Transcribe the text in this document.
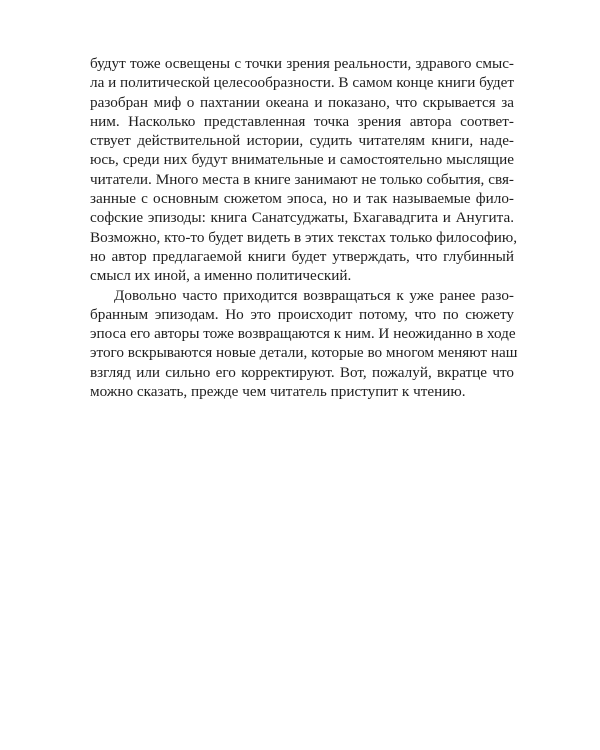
будут тоже освещены с точки зрения реальности, здравого смыс-
ла и политической целесообразности. В самом конце книги будет
разобран миф о пахтании океана и показано, что скрывается за
ним. Насколько представленная точка зрения автора соответ-
ствует действительной истории, судить читателям книги, наде-
юсь, среди них будут внимательные и самостоятельно мыслящие
читатели. Много места в книге занимают не только события, свя-
занные с основным сюжетом эпоса, но и так называемые фило-
софские эпизоды: книга Санатсуджаты, Бхагавадгита и Анугита.
Возможно, кто-то будет видеть в этих текстах только философию,
но автор предлагаемой книги будет утверждать, что глубинный
смысл их иной, а именно политический.
Довольно часто приходится возвращаться к уже ранее разо-
бранным эпизодам. Но это происходит потому, что по сюжету
эпоса его авторы тоже возвращаются к ним. И неожиданно в ходе
этого вскрываются новые детали, которые во многом меняют наш
взгляд или сильно его корректируют. Вот, пожалуй, вкратце что
можно сказать, прежде чем читатель приступит к чтению.
